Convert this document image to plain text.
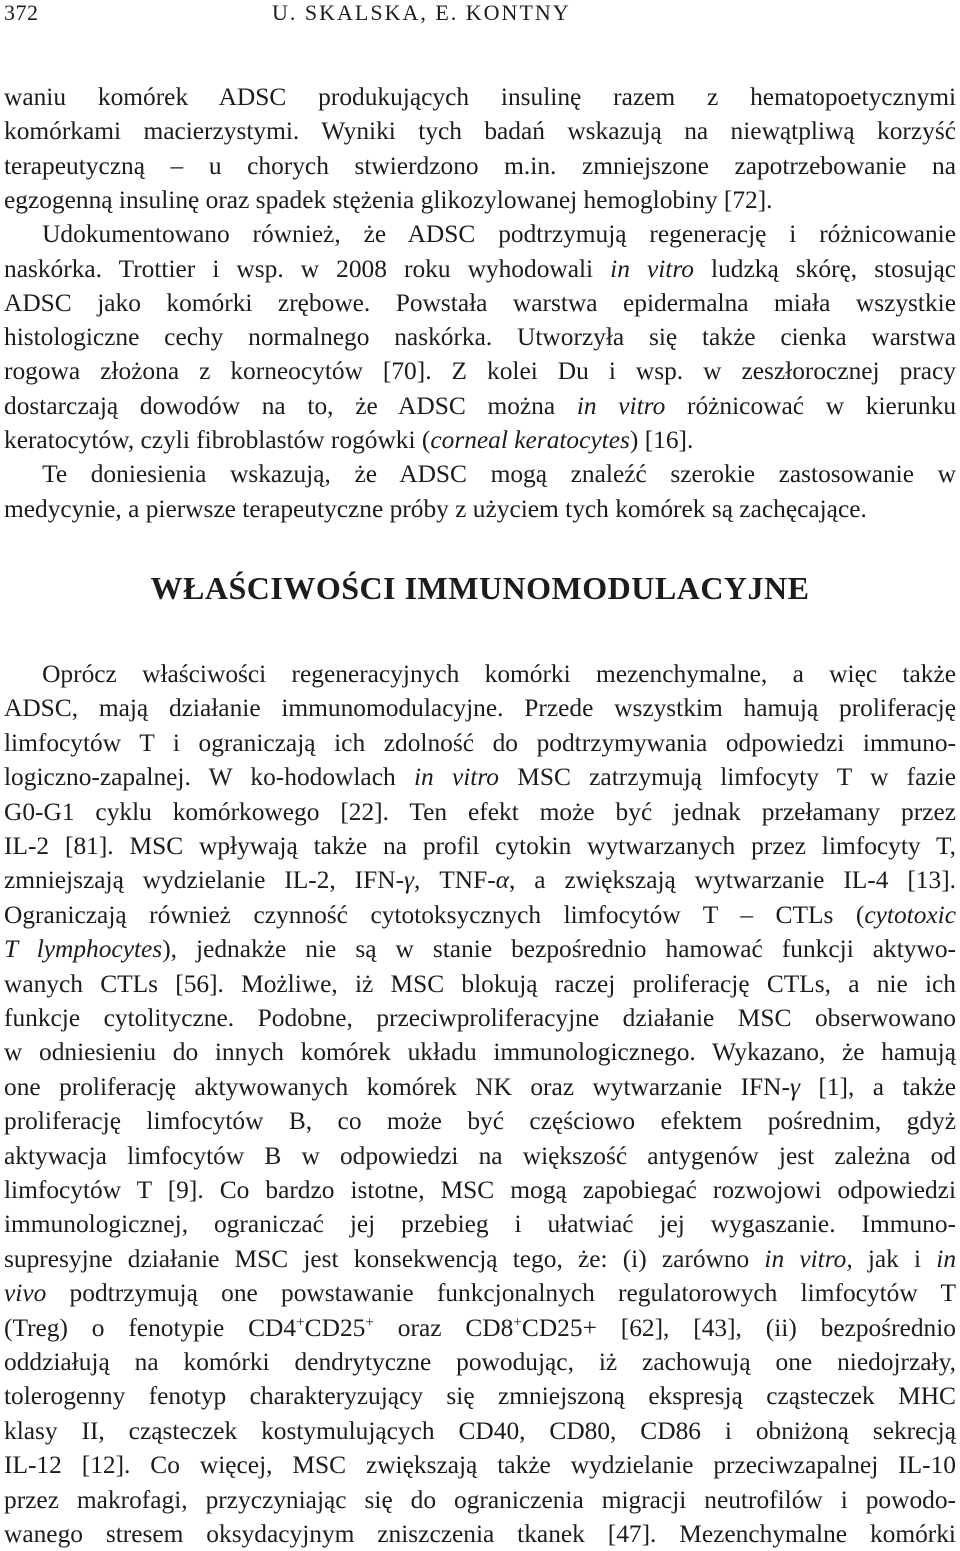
372	U. SKALSKA, E. KONTNY
waniu komórek ADSC produkujących insulinę razem z hematopoetycznymi
komórkami macierzystymi. Wyniki tych badań wskazują na niewątpliwą korzyść
terapeutyczną – u chorych stwierdzono m.in. zmniejszone zapotrzebowanie na
egzogenną insulinę oraz spadek stężenia glikozylowanej hemoglobiny [72].
  Udokumentowano również, że ADSC podtrzymują regenerację i różnicowanie
naskórka. Trottier i wsp. w 2008 roku wyhodowali in vitro ludzką skórę, stosując
ADSC jako komórki zrębowe. Powstała warstwa epidermalna miała wszystkie
histologiczne cechy normalnego naskórka. Utworzyła się także cienka warstwa
rogowa złożona z korneocytów [70]. Z kolei Du i wsp. w zeszłorocznej pracy
dostarczają dowodów na to, że ADSC można in vitro różnicować w kierunku
keratocytów, czyli fibroblastów rogówki (corneal keratocytes) [16].
  Te doniesienia wskazują, że ADSC mogą znaleźć szerokie zastosowanie w
medycynie, a pierwsze terapeutyczne próby z użyciem tych komórek są zachęcające.
WŁAŚCIWOŚCI IMMUNOMODULACYJNE
  Oprócz właściwości regeneracyjnych komórki mezenchymalne, a więc także
ADSC, mają działanie immunomodulacyjne. Przede wszystkim hamują proliferację
limfocytów T i ograniczają ich zdolność do podtrzymywania odpowiedzi immuno-
logiczno-zapalnej. W ko-hodowlach in vitro MSC zatrzymują limfocyty T w fazie
G0-G1 cyklu komórkowego [22]. Ten efekt może być jednak przełamany przez
IL-2 [81]. MSC wpływają także na profil cytokin wytwarzanych przez limfocyty T,
zmniejszają wydzielanie IL-2, IFN-γ, TNF-α, a zwiększają wytwarzanie IL-4 [13].
Ograniczają również czynność cytotoksycznych limfocytów T – CTLs (cytotoxic
T lymphocytes), jednakże nie są w stanie bezpośrednio hamować funkcji aktywo-
wanych CTLs [56]. Możliwe, iż MSC blokują raczej proliferację CTLs, a nie ich
funkcje cytolityczne. Podobne, przeciwproliferacyjne działanie MSC obserwowano
w odniesieniu do innych komórek układu immunologicznego. Wykazano, że hamują
one proliferację aktywowanych komórek NK oraz wytwarzanie IFN-γ [1], a także
proliferację limfocytów B, co może być częściowo efektem pośrednim, gdyż
aktywacja limfocytów B w odpowiedzi na większość antygenów jest zależna od
limfocytów T [9]. Co bardzo istotne, MSC mogą zapobiegać rozwojowi odpowiedzi
immunologicznej, ograniczać jej przebieg i ułatwiać jej wygaszanie. Immuno-
supresyjne działanie MSC jest konsekwencją tego, że: (i) zarówno in vitro, jak i in
vivo podtrzymują one powstawanie funkcjonalnych regulatorowych limfocytów T
(Treg) o fenotypie CD4+CD25+ oraz CD8+CD25+ [62], [43], (ii) bezpośrednio
oddziałują na komórki dendrytyczne powodując, iż zachowują one niedojrzały,
tolerogenny fenotyp charakteryzujący się zmniejszoną ekspresją cząsteczek MHC
klasy II, cząsteczek kostymulujących CD40, CD80, CD86 i obniżoną sekrecją
IL-12 [12]. Co więcej, MSC zwiększają także wydzielanie przeciwzapalnej IL-10
przez makrofagi, przyczyniając się do ograniczenia migracji neutrofilów i powodo-
wanego stresem oksydacyjnym zniszczenia tkanek [47]. Mezenchymalne komórki
